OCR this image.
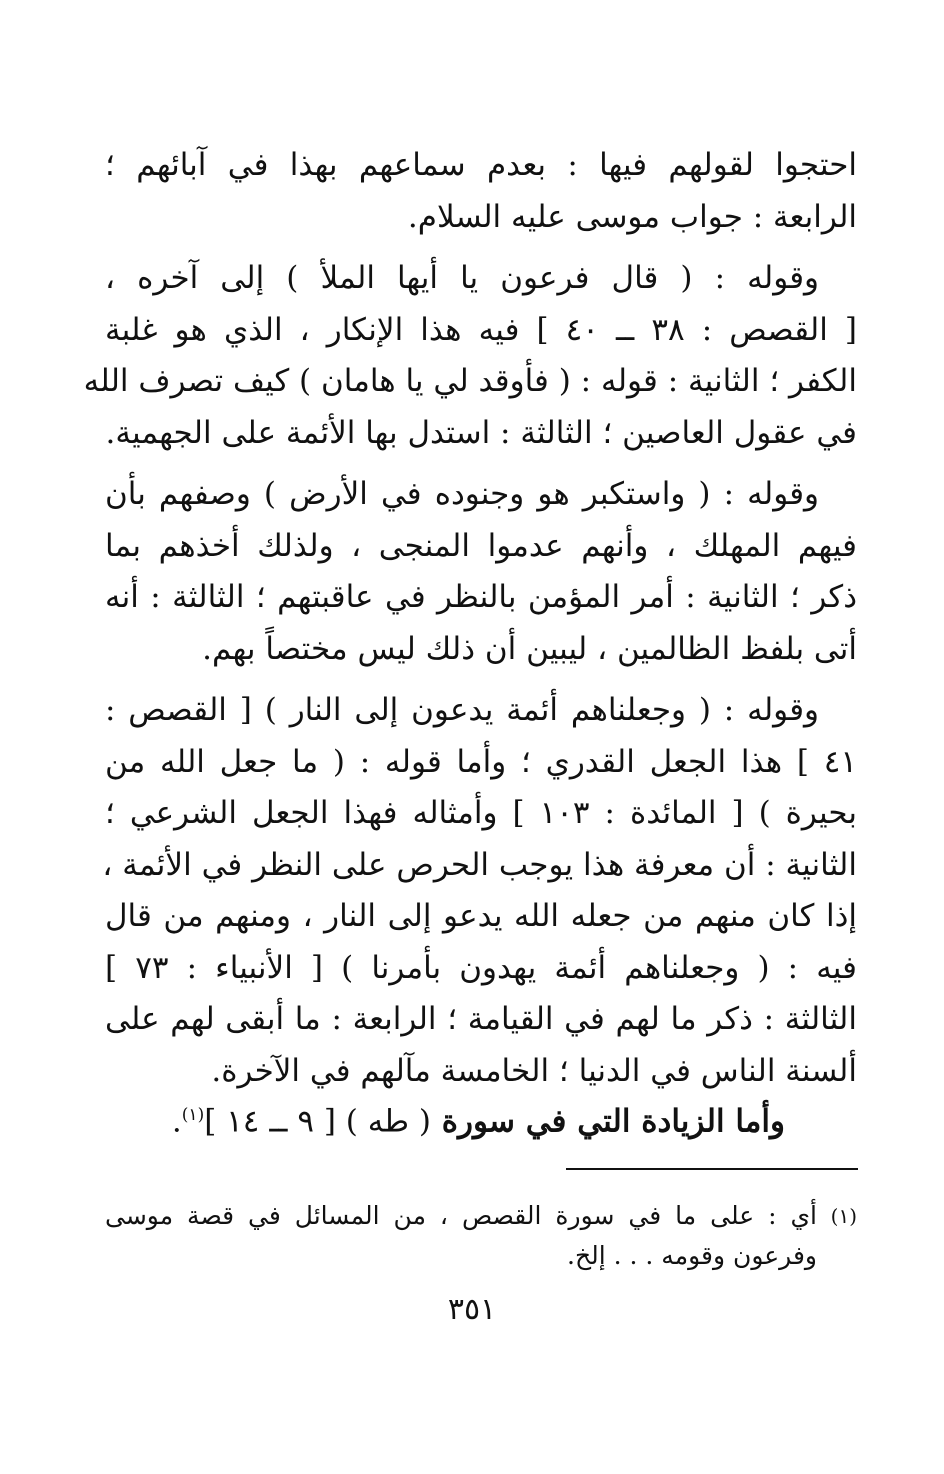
احتجوا لقولهم فيها : بعدم سماعهم بهذا في آبائهم ؛
الرابعة : جواب موسى عليه السلام.

وقوله : ( قال فرعون يا أيها الملأ ) إلى آخره ،
[ القصص : ٣٨ ــ ٤٠ ] فيه هذا الإنكار ، الذي هو غلبة
الكفر ؛ الثانية : قوله : ( فأوقد لي يا هامان ) كيف تصرف الله
في عقول العاصين ؛ الثالثة : استدل بها الأئمة على الجهمية.

وقوله : ( واستكبر هو وجنوده في الأرض ) وصفهم بأن
فيهم المهلك ، وأنهم عدموا المنجى ، ولذلك أخذهم بما
ذكر ؛ الثانية : أمر المؤمن بالنظر في عاقبتهم ؛ الثالثة : أنه
أتى بلفظ الظالمين ، ليبين أن ذلك ليس مختصاً بهم.

وقوله : ( وجعلناهم أئمة يدعون إلى النار ) [ القصص :
٤١ ] هذا الجعل القدري ؛ وأما قوله : ( ما جعل الله من
بحيرة ) [ المائدة : ١٠٣ ] وأمثاله فهذا الجعل الشرعي ؛
الثانية : أن معرفة هذا يوجب الحرص على النظر في الأئمة ،
إذا كان منهم من جعله الله يدعو إلى النار ، ومنهم من قال
فيه : ( وجعلناهم أئمة يهدون بأمرنا ) [ الأنبياء : ٧٣ ]
الثالثة : ذكر ما لهم في القيامة ؛ الرابعة : ما أبقى لهم على
ألسنة الناس في الدنيا ؛ الخامسة مآلهم في الآخرة.

وأما الزيادة التي في سورة ( طه ) [ ٩ ــ ١٤ ]$^{(١)}$.
(١)
أي : على ما في سورة القصص ، من المسائل في قصة موسى
وفرعون وقومه . . . إلخ.
٣٥١
